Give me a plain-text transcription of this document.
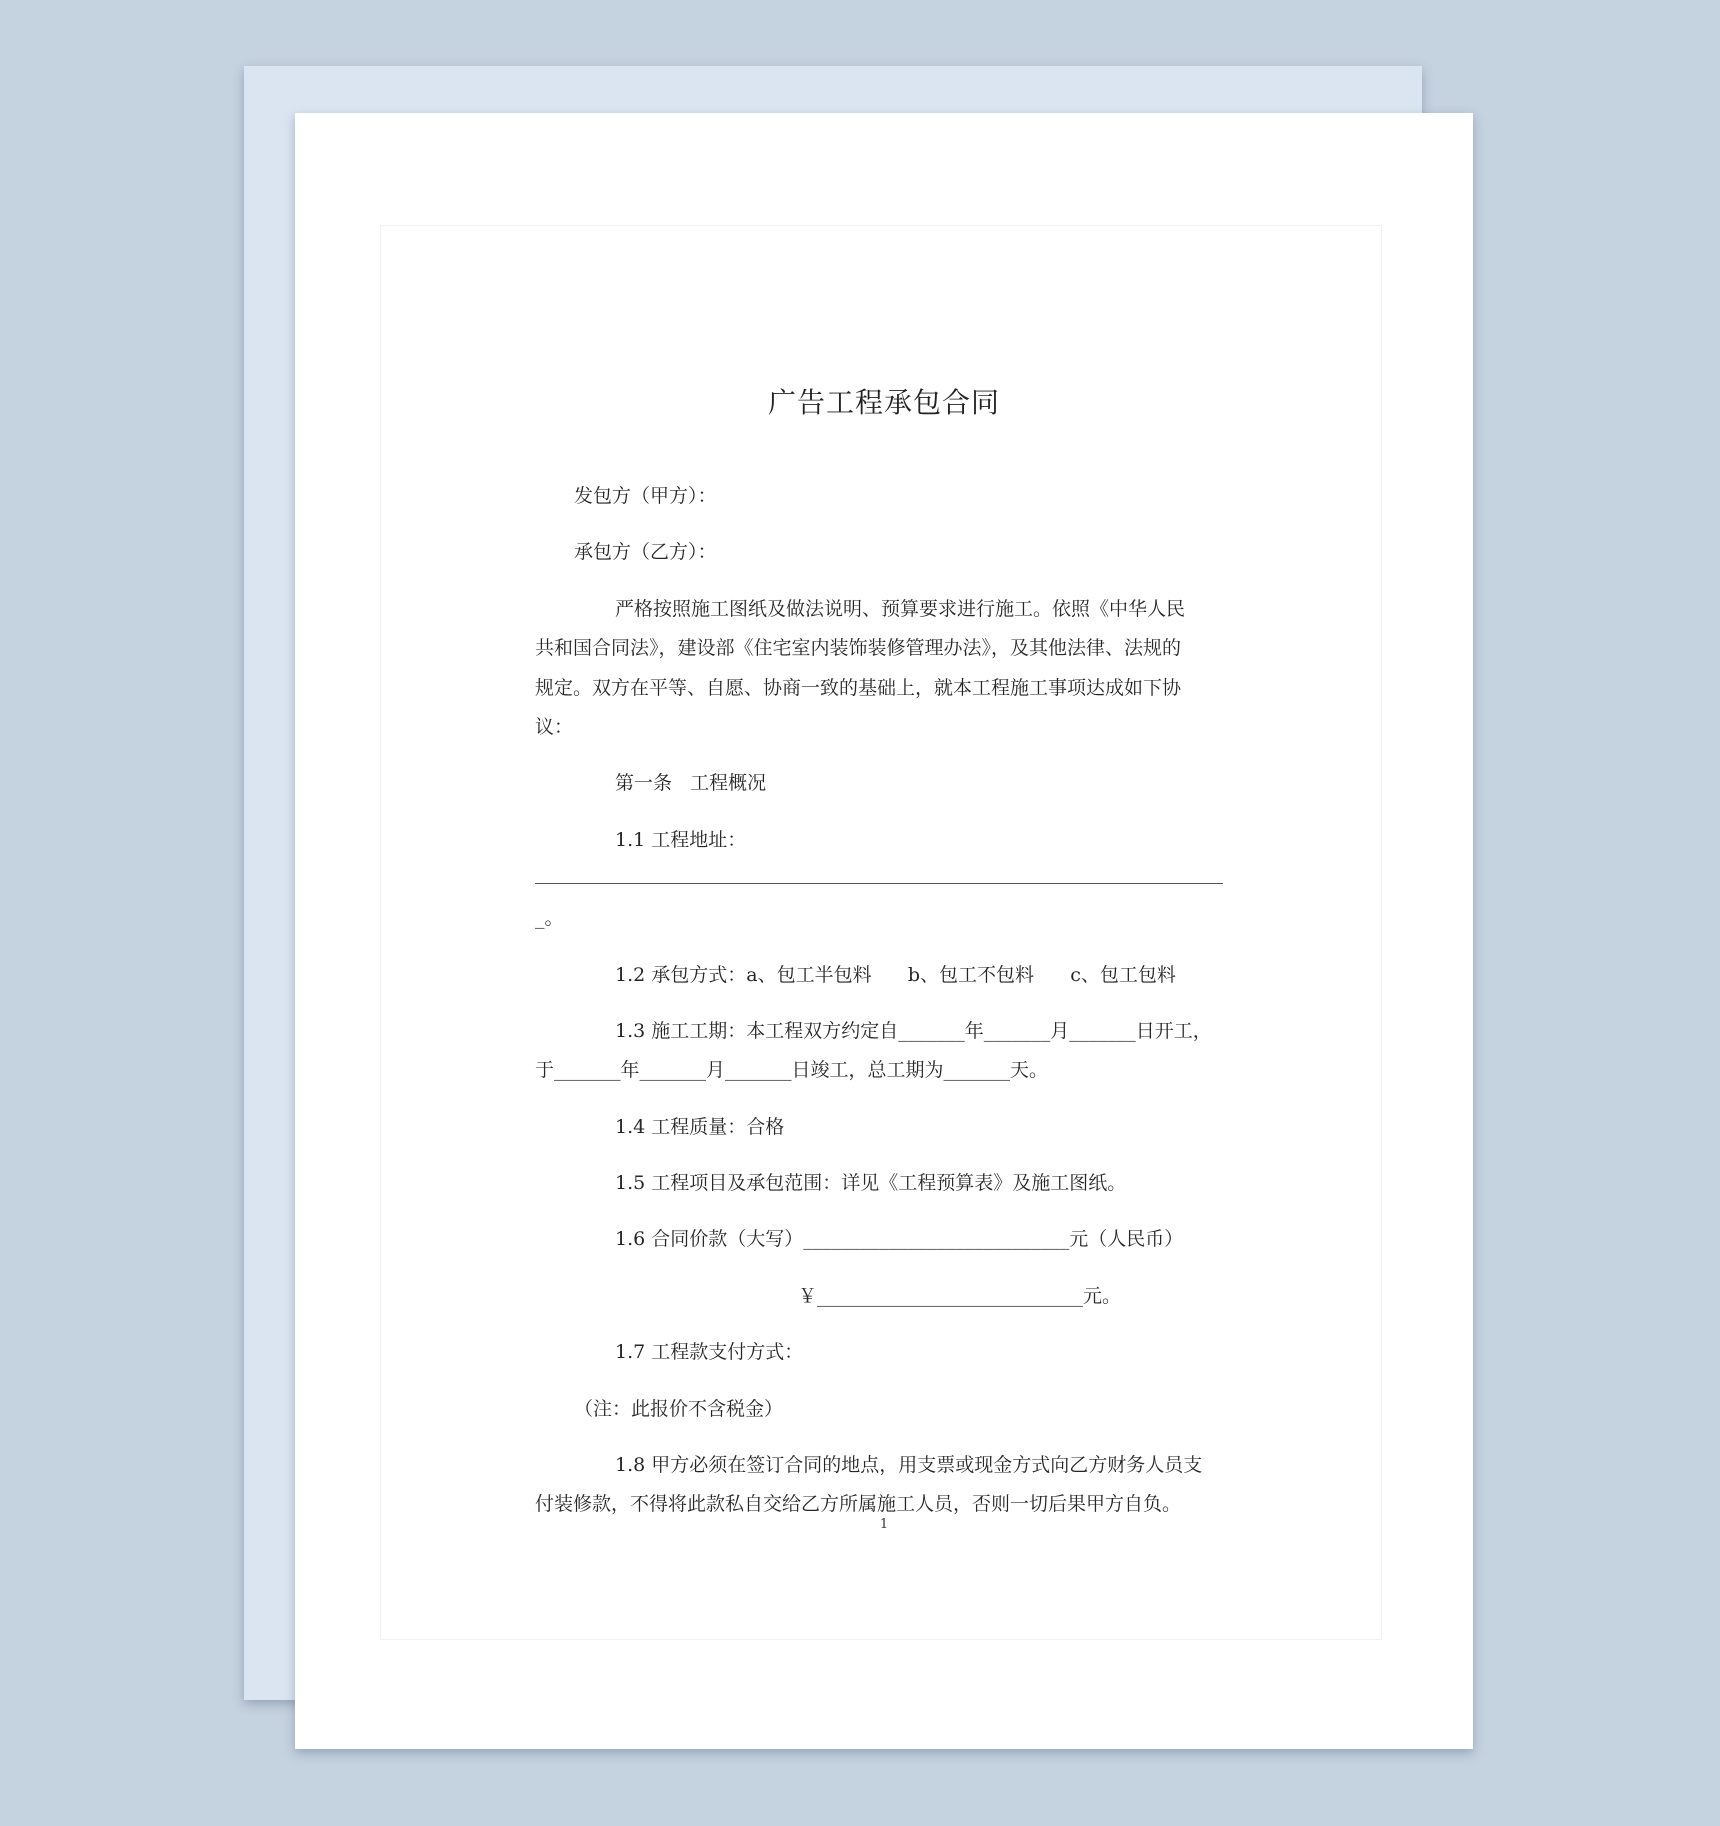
广告工程承包合同
发包方（甲方）：
承包方（乙方）：
严格按照施工图纸及做法说明、预算要求进行施工。依照《中华人民
共和国合同法》，建设部《住宅室内装饰装修管理办法》，及其他法律、法规的
规定。双方在平等、自愿、协商一致的基础上，就本工程施工事项达成如下协
议：
第一条   工程概况
1.1 工程地址：
_。
1.2 承包方式：a、包工半包料      b、包工不包料      c、包工包料
1.3 施工工期：本工程双方约定自_______年_______月_______日开工，
于_______年_______月_______日竣工，总工期为_______天。
1.4 工程质量：合格
1.5 工程项目及承包范围：详见《工程预算表》及施工图纸。
1.6 合同价款（大写）____________________________元（人民币）
￥____________________________元。
1.7 工程款支付方式：
（注：此报价不含税金）
1.8 甲方必须在签订合同的地点，用支票或现金方式向乙方财务人员支
付装修款，不得将此款私自交给乙方所属施工人员，否则一切后果甲方自负。
1
